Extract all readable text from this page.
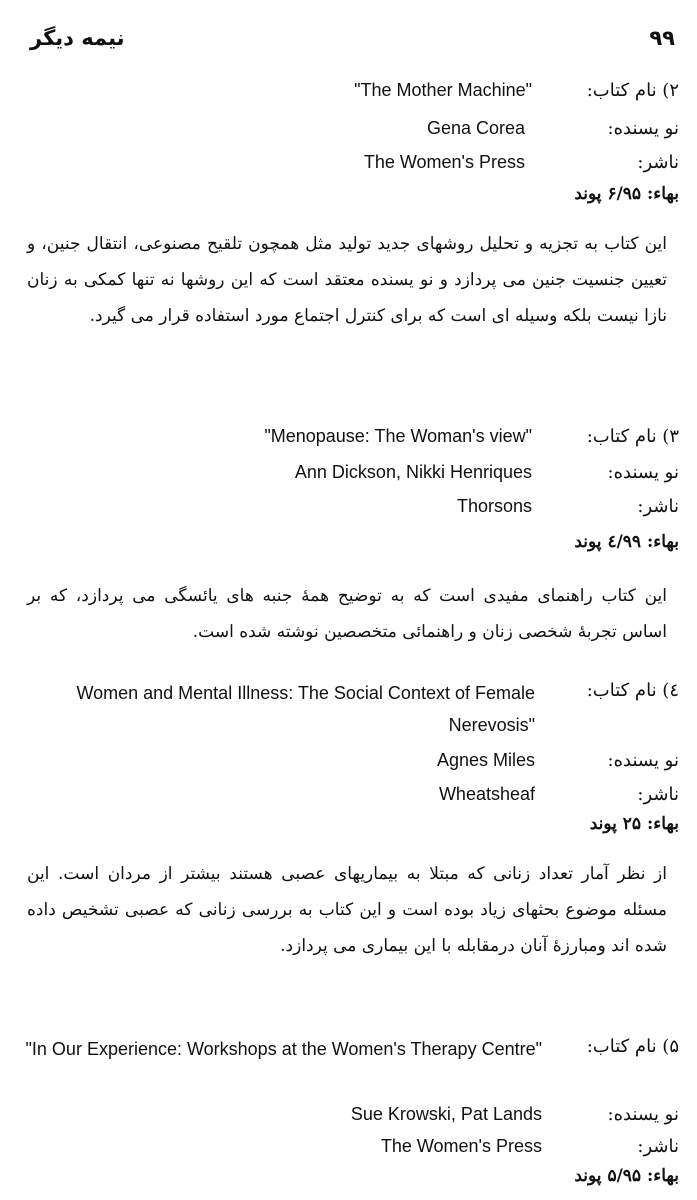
نیمه دیگر	۹۹
۲) نام کتاب:
"The Mother Machine"
نو یسنده:
Gena Corea
ناشر:
The Women's Press
بهاء: ۶/۹۵ پوند
این کتاب به تجزیه و تحلیل روشهای جدید تولید مثل همچون تلقیح مصنوعی، انتقال جنین، و تعیین جنسیت جنین می پردازد و نو یسنده معتقد است که این روشها نه تنها کمکی به زنان نازا نیست بلکه وسیله ای است که برای کنترل اجتماع مورد استفاده قرار می گیرد.
۳) نام کتاب:
"Menopause: The Woman's view"
نو یسنده:
Ann Dickson, Nikki Henriques
ناشر:
Thorsons
بهاء: ٤/۹۹ پوند
این کتاب راهنمای مفیدی است که به توضیح همهٔ جنبه های یائسگی می پردازد، که بر اساس تجربهٔ شخصی زنان و راهنمائی متخصصین نوشته شده است.
٤) نام کتاب:
Women and Mental Illness: The Social Context of Female Nerevosis"
نو یسنده:
Agnes Miles
ناشر:
Wheatsheaf
بهاء: ۲۵ پوند
از نظر آمار تعداد زنانی که مبتلا به بیماریهای عصبی هستند بیشتر از مردان است. این مسئله موضوع بحثهای زیاد بوده است و این کتاب به بررسی زنانی که عصبی تشخیص داده شده اند ومبارزهٔ آنان درمقابله با این بیماری می پردازد.
۵) نام کتاب:
"In Our Experience: Workshops at the Women's Therapy Centre"
نو یسنده:
Sue Krowski, Pat Lands
ناشر:
The Women's Press
بهاء: ۵/۹۵ پوند
